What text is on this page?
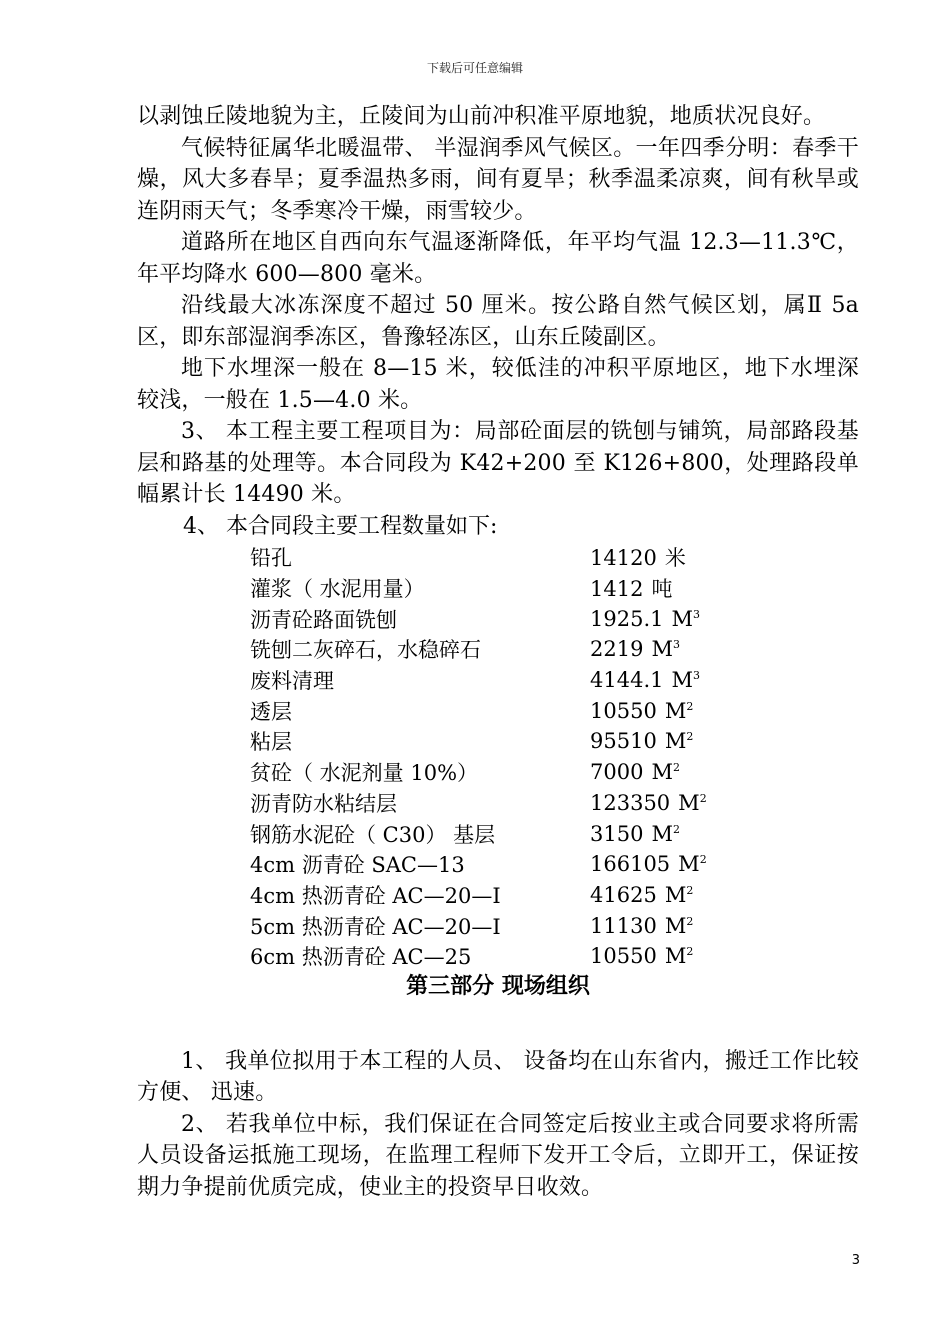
下载后可任意编辑

以剥蚀丘陵地貌为主，丘陵间为山前冲积准平原地貌，地质状况良好。

气候特征属华北暖温带、 半湿润季风气候区。一年四季分明：春季干燥，风大多春旱；夏季温热多雨，间有夏旱；秋季温柔凉爽，间有秋旱或连阴雨天气；冬季寒冷干燥，雨雪较少。

道路所在地区自西向东气温逐渐降低，年平均气温 12.3—11.3℃，年平均降水 600—800 毫米。

沿线最大冰冻深度不超过 50 厘米。按公路自然气候区划，属Ⅱ 5a 区，即东部湿润季冻区，鲁豫轻冻区，山东丘陵副区。

地下水埋深一般在 8—15 米，较低洼的冲积平原地区，地下水埋深较浅，一般在 1.5—4.0 米。

3、 本工程主要工程项目为：局部砼面层的铣刨与铺筑，局部路段基层和路基的处理等。本合同段为 K42+200 至 K126+800，处理路段单幅累计长 14490 米。

4、 本合同段主要工程数量如下:

铅孔	14120 米
灌浆（ 水泥用量）	1412 吨
沥青砼路面铣刨	1925.1 $M^3$
铣刨二灰碎石，水稳碎石	2219 $M^3$
废料清理	4144.1 $M^3$
透层	10550 $M^2$
粘层	95510 $M^2$
贫砼（ 水泥剂量 10%）	7000 $M^2$
沥青防水粘结层	123350 $M^2$
钢筋水泥砼（ C30） 基层	3150 $M^2$
4cm 沥青砼 SAC—13	166105 $M^2$
4cm 热沥青砼 AC—20—I	41625 $M^2$
5cm 热沥青砼 AC—20—I	11130 $M^2$
6cm 热沥青砼 AC—25	10550 $M^2$

第三部分 现场组织

1、 我单位拟用于本工程的人员、 设备均在山东省内，搬迁工作比较方便、 迅速。

2、 若我单位中标，我们保证在合同签定后按业主或合同要求将所需人员设备运抵施工现场，在监理工程师下发开工令后，立即开工，保证按期力争提前优质完成，使业主的投资早日收效。

3
